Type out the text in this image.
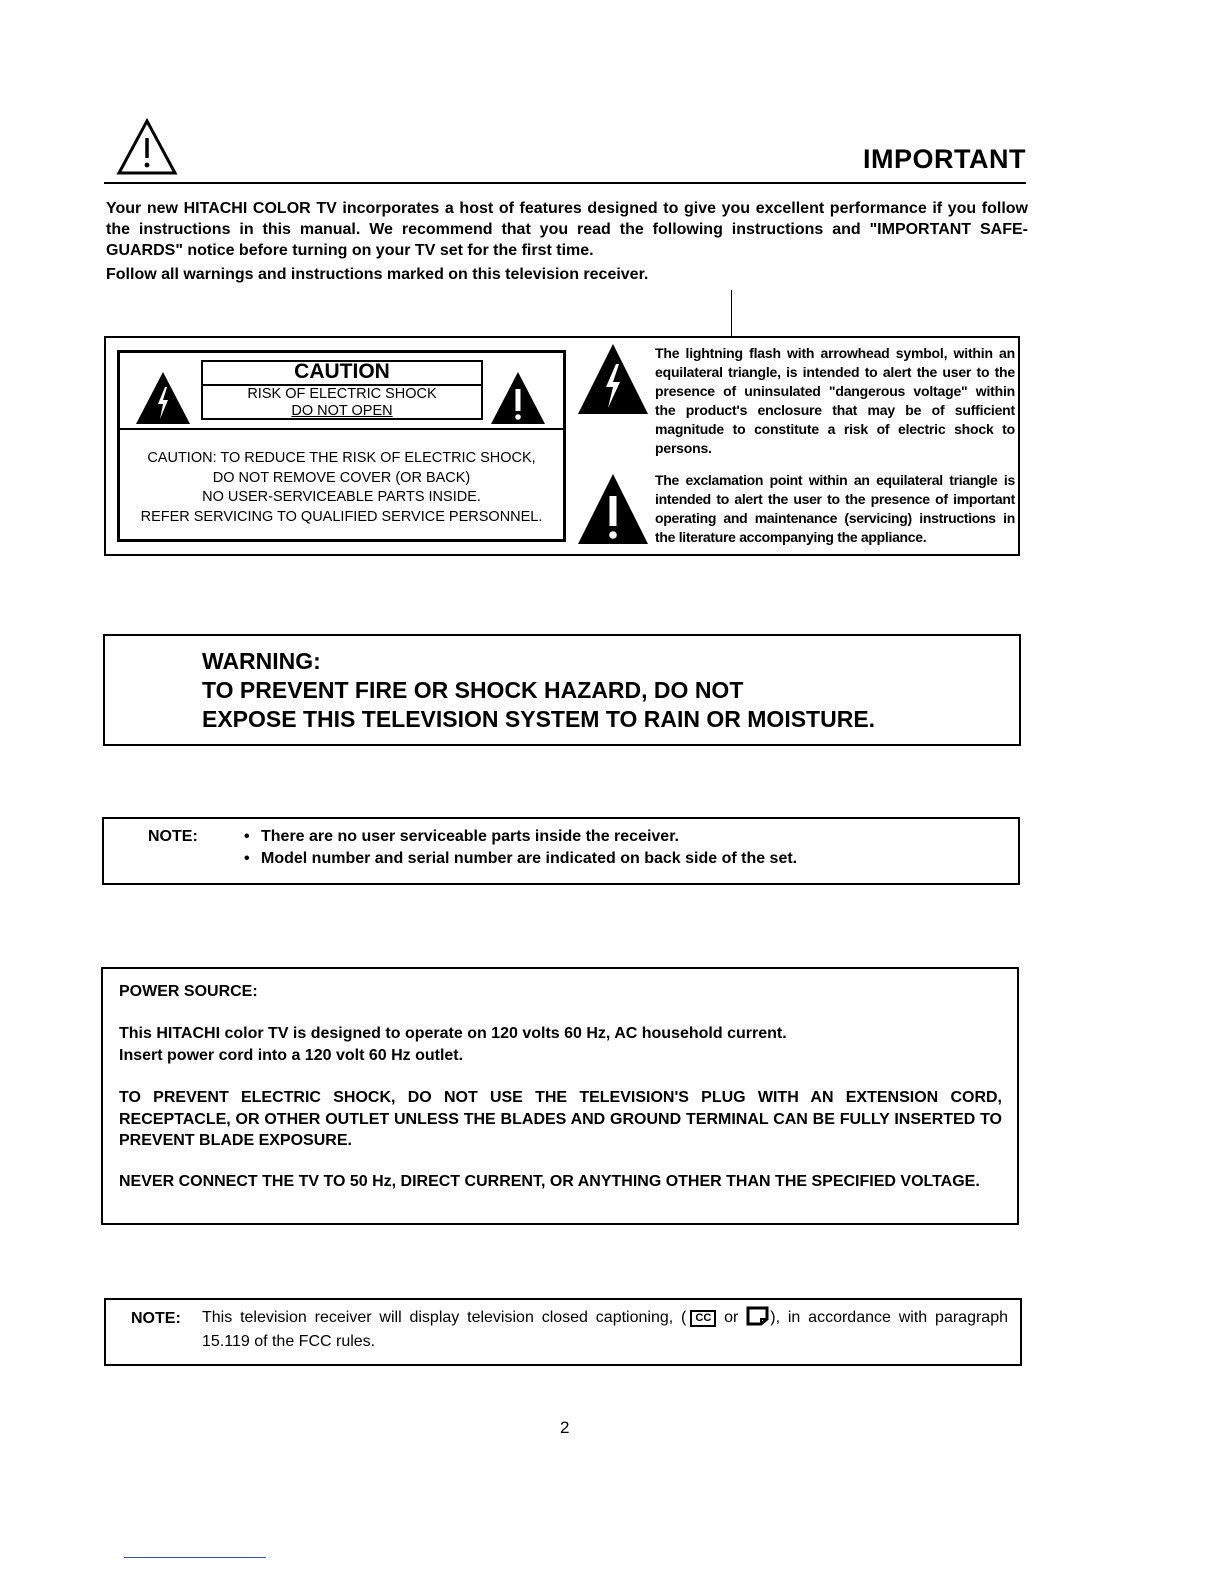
IMPORTANT

Your new HITACHI COLOR TV incorporates a host of features designed to give you excellent performance if you follow the instructions in this manual. We recommend that you read the following instructions and "IMPORTANT SAFE-GUARDS" notice before turning on your TV set for the first time.

Follow all warnings and instructions marked on this television receiver.

CAUTION
RISK OF ELECTRIC SHOCK
DO NOT OPEN
CAUTION: TO REDUCE THE RISK OF ELECTRIC SHOCK,
DO NOT REMOVE COVER (OR BACK)
NO USER-SERVICEABLE PARTS INSIDE.
REFER SERVICING TO QUALIFIED SERVICE PERSONNEL.
The lightning flash with arrowhead symbol, within an equilateral triangle, is intended to alert the user to the presence of uninsulated "dangerous voltage" within the product's enclosure that may be of sufficient magnitude to constitute a risk of electric shock to persons.
The exclamation point within an equilateral triangle is intended to alert the user to the presence of important operating and maintenance (servicing) instructions in the literature accompanying the appliance.
WARNING:
TO PREVENT FIRE OR SHOCK HAZARD, DO NOT
EXPOSE THIS TELEVISION SYSTEM TO RAIN OR MOISTURE.
NOTE:
•	There are no user serviceable parts inside the receiver.
• Model number and serial number are indicated on back side of the set.
POWER SOURCE:
This HITACHI color TV is designed to operate on 120 volts 60 Hz, AC household current.
Insert power cord into a 120 volt 60 Hz outlet.

TO PREVENT ELECTRIC SHOCK, DO NOT USE THE TELEVISION'S PLUG WITH AN EXTENSION CORD, RECEPTACLE, OR OTHER OUTLET UNLESS THE BLADES AND GROUND TERMINAL CAN BE FULLY INSERTED TO PREVENT BLADE EXPOSURE.

NEVER CONNECT THE TV TO 50 Hz, DIRECT CURRENT, OR ANYTHING OTHER THAN THE SPECIFIED VOLTAGE.

NOTE: This television receiver will display television closed captioning, ( CC or ), in accordance with paragraph 15.119 of the FCC rules.
2
